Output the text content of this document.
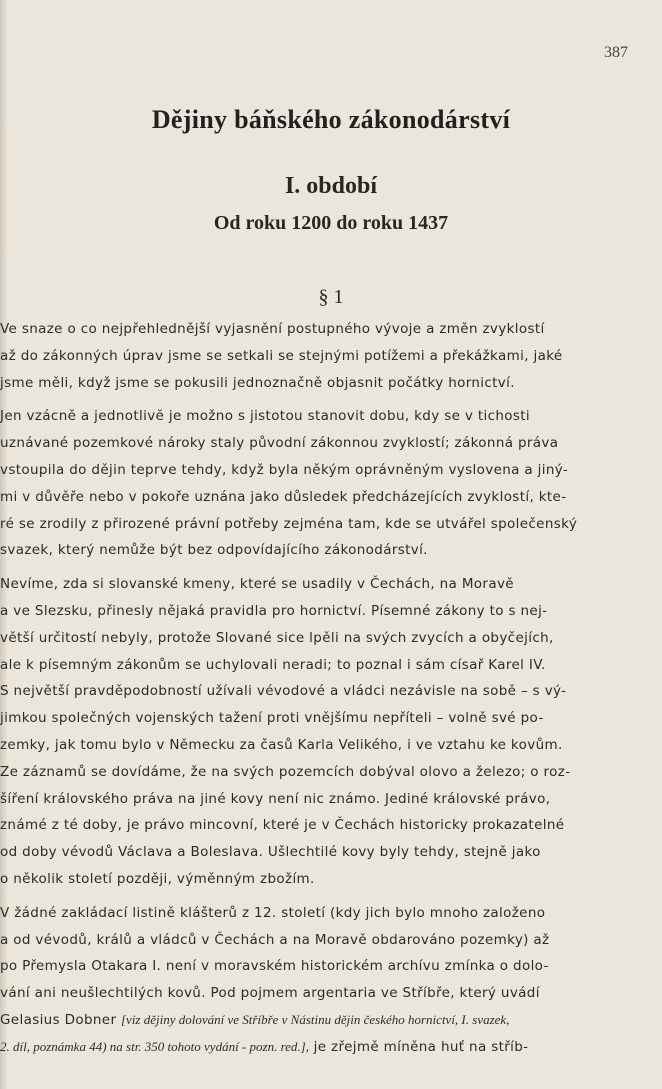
387
Dějiny báňského zákonodárství
I. období
Od roku 1200 do roku 1437
§ 1
Ve snaze o co nejpřehlednější vyjasnění postupného vývoje a změn zvyklostí
až do zákonných úprav jsme se setkali se stejnými potížemi a překážkami, jaké
jsme měli, když jsme se pokusili jednoznačně objasnit počátky hornictví.
Jen vzácně a jednotlivě je možno s jistotou stanovit dobu, kdy se v tichosti
uznávané pozemkové nároky staly původní zákonnou zvyklostí; zákonná práva
vstoupila do dějin teprve tehdy, když byla někým oprávněným vyslovena a jiný-
mi v důvěře nebo v pokoře uznána jako důsledek předcházejících zvyklostí, kte-
ré se zrodily z přirozené právní potřeby zejména tam, kde se utvářel společenský
svazek, který nemůže být bez odpovídajícího zákonodárství.
Nevíme, zda si slovanské kmeny, které se usadily v Čechách, na Moravě
a ve Slezsku, přinesly nějaká pravidla pro hornictví. Písemné zákony to s nej-
větší určitostí nebyly, protože Slované sice lpěli na svých zvycích a obyčejích,
ale k písemným zákonům se uchylovali neradi; to poznal i sám císař Karel IV.
S největší pravděpodobností užívali vévodové a vládci nezávisle na sobě – s vý-
jimkou společných vojenských tažení proti vnějšímu nepříteli – volně své po-
zemky, jak tomu bylo v Německu za časů Karla Velikého, i ve vztahu ke kovům.
Ze záznamů se dovídáme, že na svých pozemcích dobýval olovo a železo; o roz-
šíření královského práva na jiné kovy není nic známo. Jediné královské právo,
známé z té doby, je právo mincovní, které je v Čechách historicky prokazatelné
od doby vévodů Václava a Boleslava. Ušlechtilé kovy byly tehdy, stejně jako
o několik století později, výměnným zbožím.
V žádné zakládací listině klášterů z 12. století (kdy jich bylo mnoho založeno
a od vévodů, králů a vládců v Čechách a na Moravě obdarováno pozemky) až
po Přemysla Otakara I. není v moravském historickém archívu zmínka o dolo-
vání ani neušlechtilých kovů. Pod pojmem argentaria ve Stříbře, který uvádí
Gelasius Dobner [viz dějiny dolování ve Stříbře v Nástinu dějin českého hornictví, I. svazek,
2. díl, poznámka 44) na str. 350 tohoto vydání - pozn. red.], je zřejmě míněna huť na stříb-
